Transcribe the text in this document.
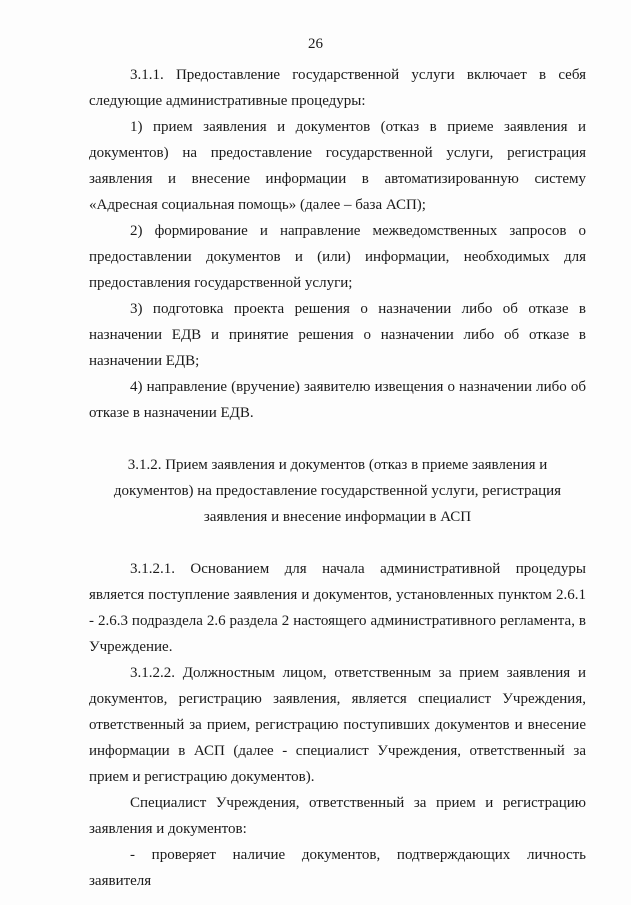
26

3.1.1. Предоставление государственной услуги включает в себя следующие административные процедуры:

1) прием заявления и документов (отказ в приеме заявления и документов) на предоставление государственной услуги, регистрация заявления и внесение информации в автоматизированную систему «Адресная социальная помощь» (далее – база АСП);

2) формирование и направление межведомственных запросов о предоставлении документов и (или) информации, необходимых для предоставления государственной услуги;

3) подготовка проекта решения о назначении либо об отказе в назначении ЕДВ и принятие решения о назначении либо об отказе в назначении ЕДВ;

4) направление (вручение) заявителю извещения о назначении либо об отказе в назначении ЕДВ.

3.1.2. Прием заявления и документов (отказ в приеме заявления и
документов) на предоставление государственной услуги, регистрация
заявления и внесение информации в АСП

3.1.2.1. Основанием для начала административной процедуры является поступление заявления и документов, установленных пунктом 2.6.1 - 2.6.3 подраздела 2.6 раздела 2 настоящего административного регламента, в Учреждение.

3.1.2.2. Должностным лицом, ответственным за прием заявления и документов, регистрацию заявления, является специалист Учреждения, ответственный за прием, регистрацию поступивших документов и внесение информации в АСП (далее - специалист Учреждения, ответственный за прием и регистрацию документов).

Специалист Учреждения, ответственный за прием и регистрацию заявления и документов:

- проверяет наличие документов, подтверждающих личность заявителя
